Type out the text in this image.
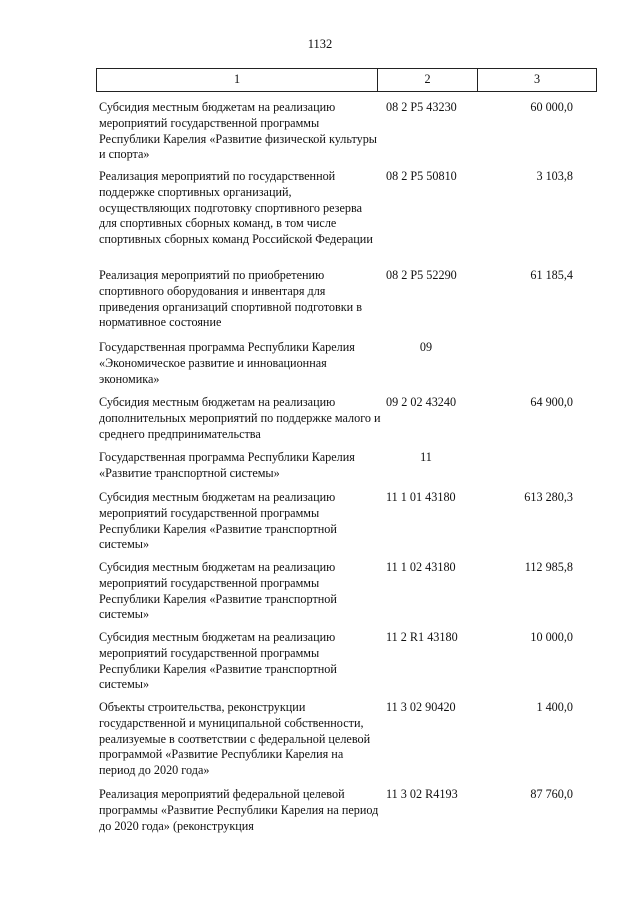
1132
1	2	3
Субсидия местным бюджетам на реализацию мероприятий государственной программы Республики Карелия «Развитие физической культуры и спорта»
08 2 P5 43230	60 000,0
Реализация мероприятий по государственной поддержке спортивных организаций, осуществляющих подготовку спортивного резерва для спортивных сборных команд, в том числе спортивных сборных команд Российской Федерации
08 2 P5 50810	3 103,8
Реализация мероприятий по приобретению спортивного оборудования и инвентаря для приведения организаций спортивной подготовки в нормативное состояние
08 2 P5 52290	61 185,4
Государственная программа Республики Карелия «Экономическое развитие и инновационная экономика»
09
Субсидия местным бюджетам на реализацию дополнительных мероприятий по поддержке малого и среднего предпринимательства
09 2 02 43240	64 900,0
Государственная программа Республики Карелия «Развитие транспортной системы»
11
Субсидия местным бюджетам на реализацию мероприятий государственной программы Республики Карелия «Развитие транспортной системы»
11 1 01 43180	613 280,3
Субсидия местным бюджетам на реализацию мероприятий государственной программы Республики Карелия «Развитие транспортной системы»
11 1 02 43180	112 985,8
Субсидия местным бюджетам на реализацию мероприятий государственной программы Республики Карелия «Развитие транспортной системы»
11 2 R1 43180	10 000,0
Объекты строительства, реконструкции государственной и муниципальной собственности, реализуемые в соответствии с федеральной целевой программой «Развитие Республики Карелия на период до 2020 года»
11 3 02 90420	1 400,0
Реализация мероприятий федеральной целевой программы «Развитие Республики Карелия на период до 2020 года» (реконструкция
11 3 02 R4193	87 760,0
